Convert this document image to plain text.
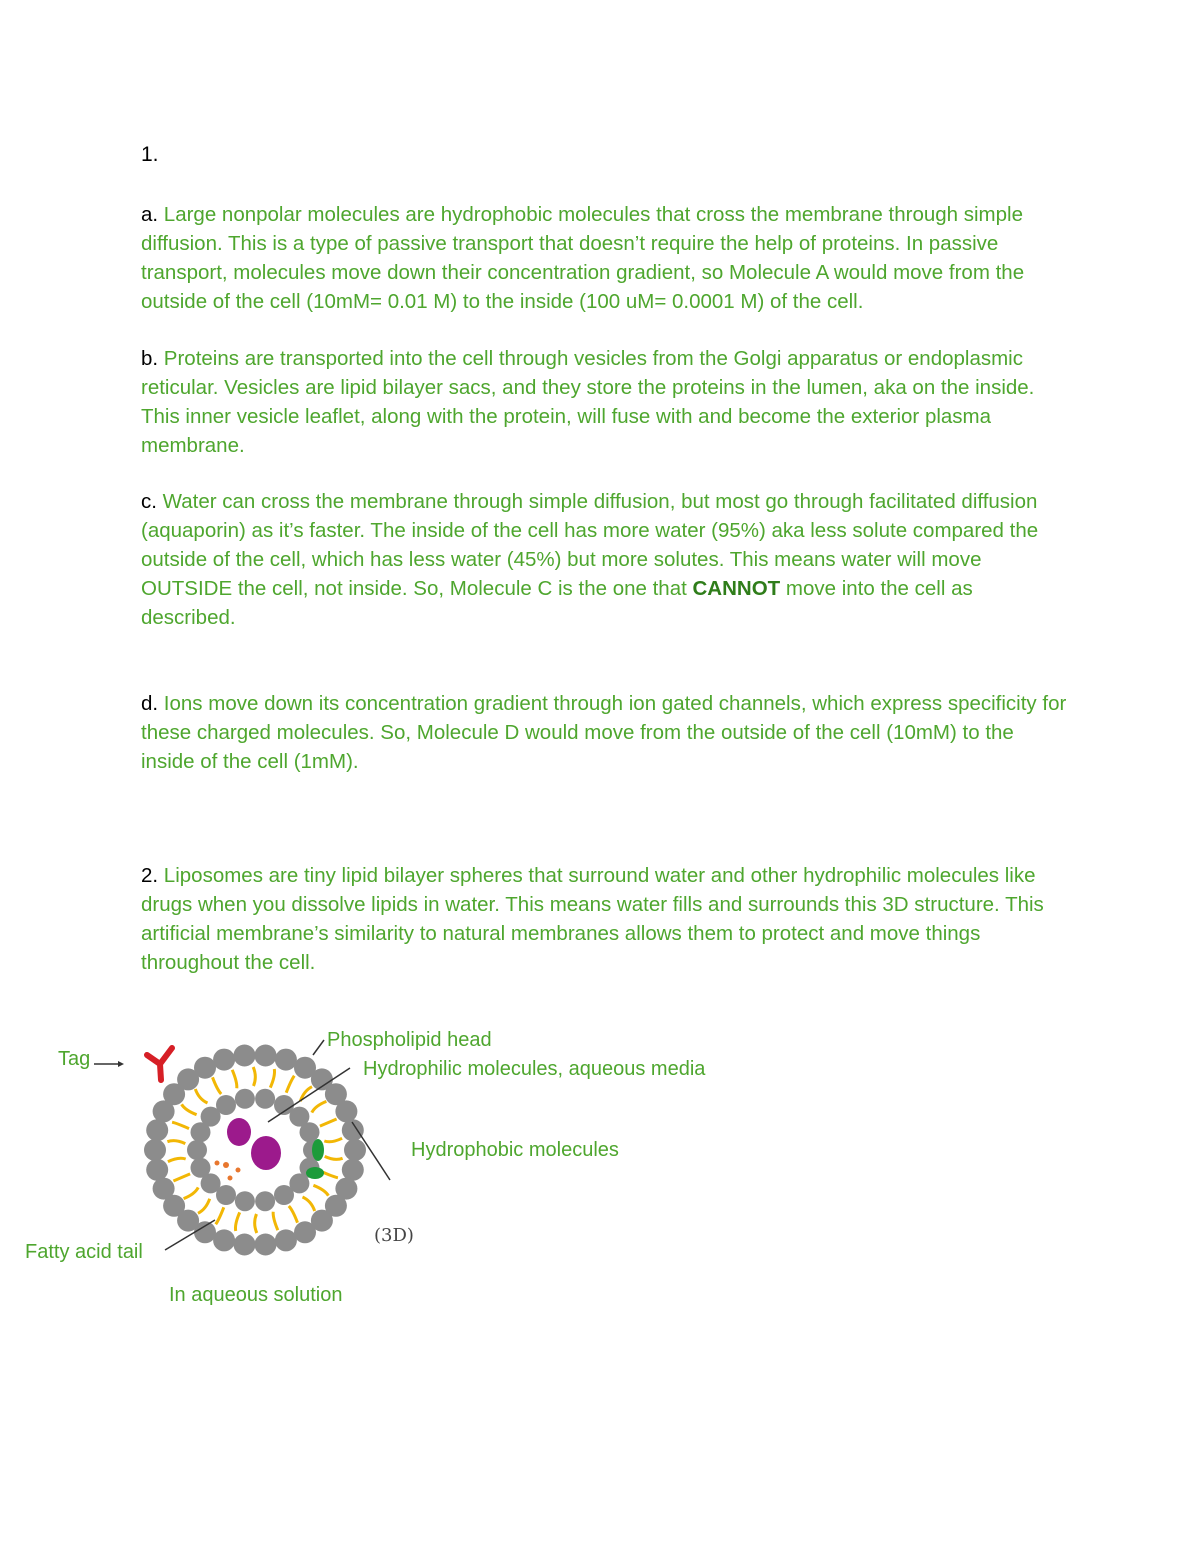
1.
a. Large nonpolar molecules are hydrophobic molecules that cross the membrane through simple diffusion. This is a type of passive transport that doesn’t require the help of proteins. In passive transport, molecules move down their concentration gradient, so Molecule A would move from the outside of the cell (10mM= 0.01 M) to the inside (100 uM= 0.0001 M) of the cell.
b. Proteins are transported into the cell through vesicles from the Golgi apparatus or endoplasmic reticular. Vesicles are lipid bilayer sacs, and they store the proteins in the lumen, aka on the inside. This inner vesicle leaflet, along with the protein, will fuse with and become the exterior plasma membrane.
c. Water can cross the membrane through simple diffusion, but most go through facilitated diffusion (aquaporin) as it’s faster. The inside of the cell has more water (95%) aka less solute compared the outside of the cell, which has less water (45%) but more solutes. This means water will move OUTSIDE the cell, not inside. So, Molecule C is the one that CANNOT move into the cell as described.
d. Ions move down its concentration gradient through ion gated channels, which express specificity for these charged molecules. So, Molecule D would move from the outside of the cell (10mM) to the inside of the cell (1mM).
2. Liposomes are tiny lipid bilayer spheres that surround water and other hydrophilic molecules like drugs when you dissolve lipids in water. This means water fills and surrounds this 3D structure. This artificial membrane’s similarity to natural membranes allows them to protect and move things throughout the cell.
Tag
Phospholipid head
Hydrophilic molecules, aqueous media
Hydrophobic molecules
Fatty acid tail
In aqueous solution
(3D)
